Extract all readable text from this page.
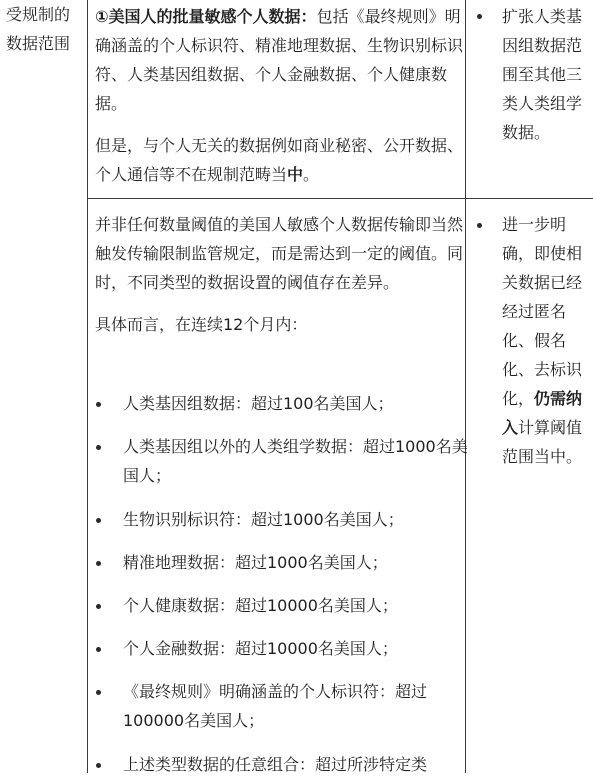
受规制的数据范围

①美国人的批量敏感个人数据：包括《最终规则》明确涵盖的个人标识符、精准地理数据、生物识别标识符、人类基因组数据、个人金融数据、个人健康数据。

但是，与个人无关的数据例如商业秘密、公开数据、个人通信等不在规制范畴当中。

扩张人类基因组数据范围至其他三类人类组学数据。

并非任何数量阈值的美国人敏感个人数据传输即当然触发传输限制监管规定，而是需达到一定的阈值。同时，不同类型的数据设置的阈值存在差异。

具体而言，在连续12个月内：

人类基因组数据：超过100名美国人；
人类基因组以外的人类组学数据：超过1000名美国人；
生物识别标识符：超过1000名美国人；
精准地理数据：超过1000名美国人；
个人健康数据：超过10000名美国人；
个人金融数据：超过10000名美国人；
《最终规则》明确涵盖的个人标识符：超过100000名美国人；
上述类型数据的任意组合：超过所涉特定类

进一步明确，即使相关数据已经经过匿名化、假名化、去标识化，仍需纳入计算阈值范围当中。
